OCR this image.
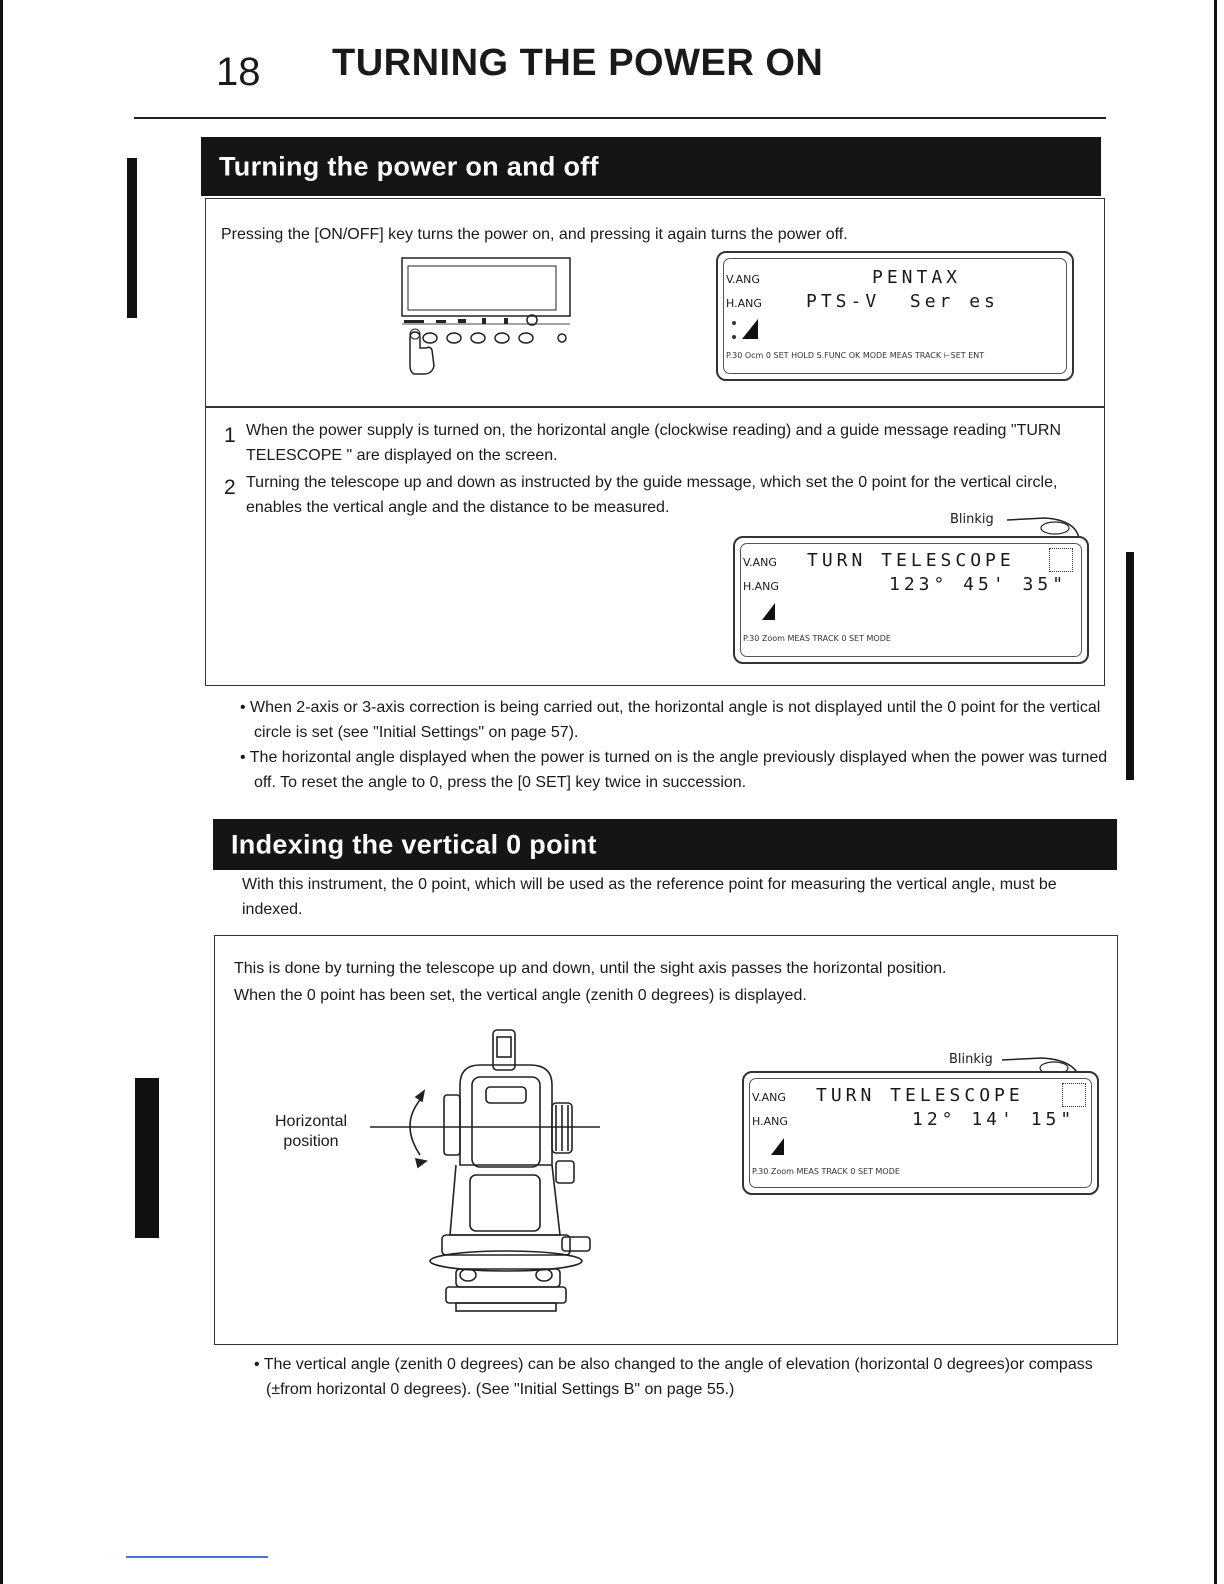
18 TURNING THE POWER ON
Turning the power on and off
Pressing the [ON/OFF] key turns the power on, and pressing it again turns the power off.
V.ANG	PENTAX
H.ANG PTS-V  Ser es
P.30 Ocm 0 SET HOLD S.FUNC OK MODE MEAS TRACK ⊢SET ENT
1 When the power supply is turned on, the horizontal angle (clockwise reading) and a guide message reading "TURN TELESCOPE " are displayed on the screen.
2 Turning the telescope up and down as instructed by the guide message, which set the 0 point for the vertical circle, enables the vertical angle and the distance to be measured.
Blinkig
V.ANG TURN TELESCOPE
H.ANG	123° 45' 35"
P.30 Zoom MEAS TRACK 0 SET MODE
• When 2-axis or 3-axis correction is being carried out, the horizontal angle is not displayed until the 0 point for the vertical circle is set (see "Initial Settings" on page 57).
• The horizontal angle displayed when the power is turned on is the angle previously displayed when the power was turned off. To reset the angle to 0, press the [0 SET] key twice in succession.
Indexing the vertical 0 point
With this instrument, the 0 point, which will be used as the reference point for measuring the vertical angle, must be indexed.
This is done by turning the telescope up and down, until the sight axis passes the horizontal position.
When the 0 point has been set, the vertical angle (zenith 0 degrees) is displayed.
Horizontal position
Blinkig
V.ANG TURN TELESCOPE
H.ANG	12° 14' 15"
P.30 Zoom MEAS TRACK 0 SET MODE
• The vertical angle (zenith 0 degrees) can be also changed to the angle of elevation (horizontal 0 degrees)or compass (±from horizontal 0 degrees). (See "Initial Settings B" on page 55.)
